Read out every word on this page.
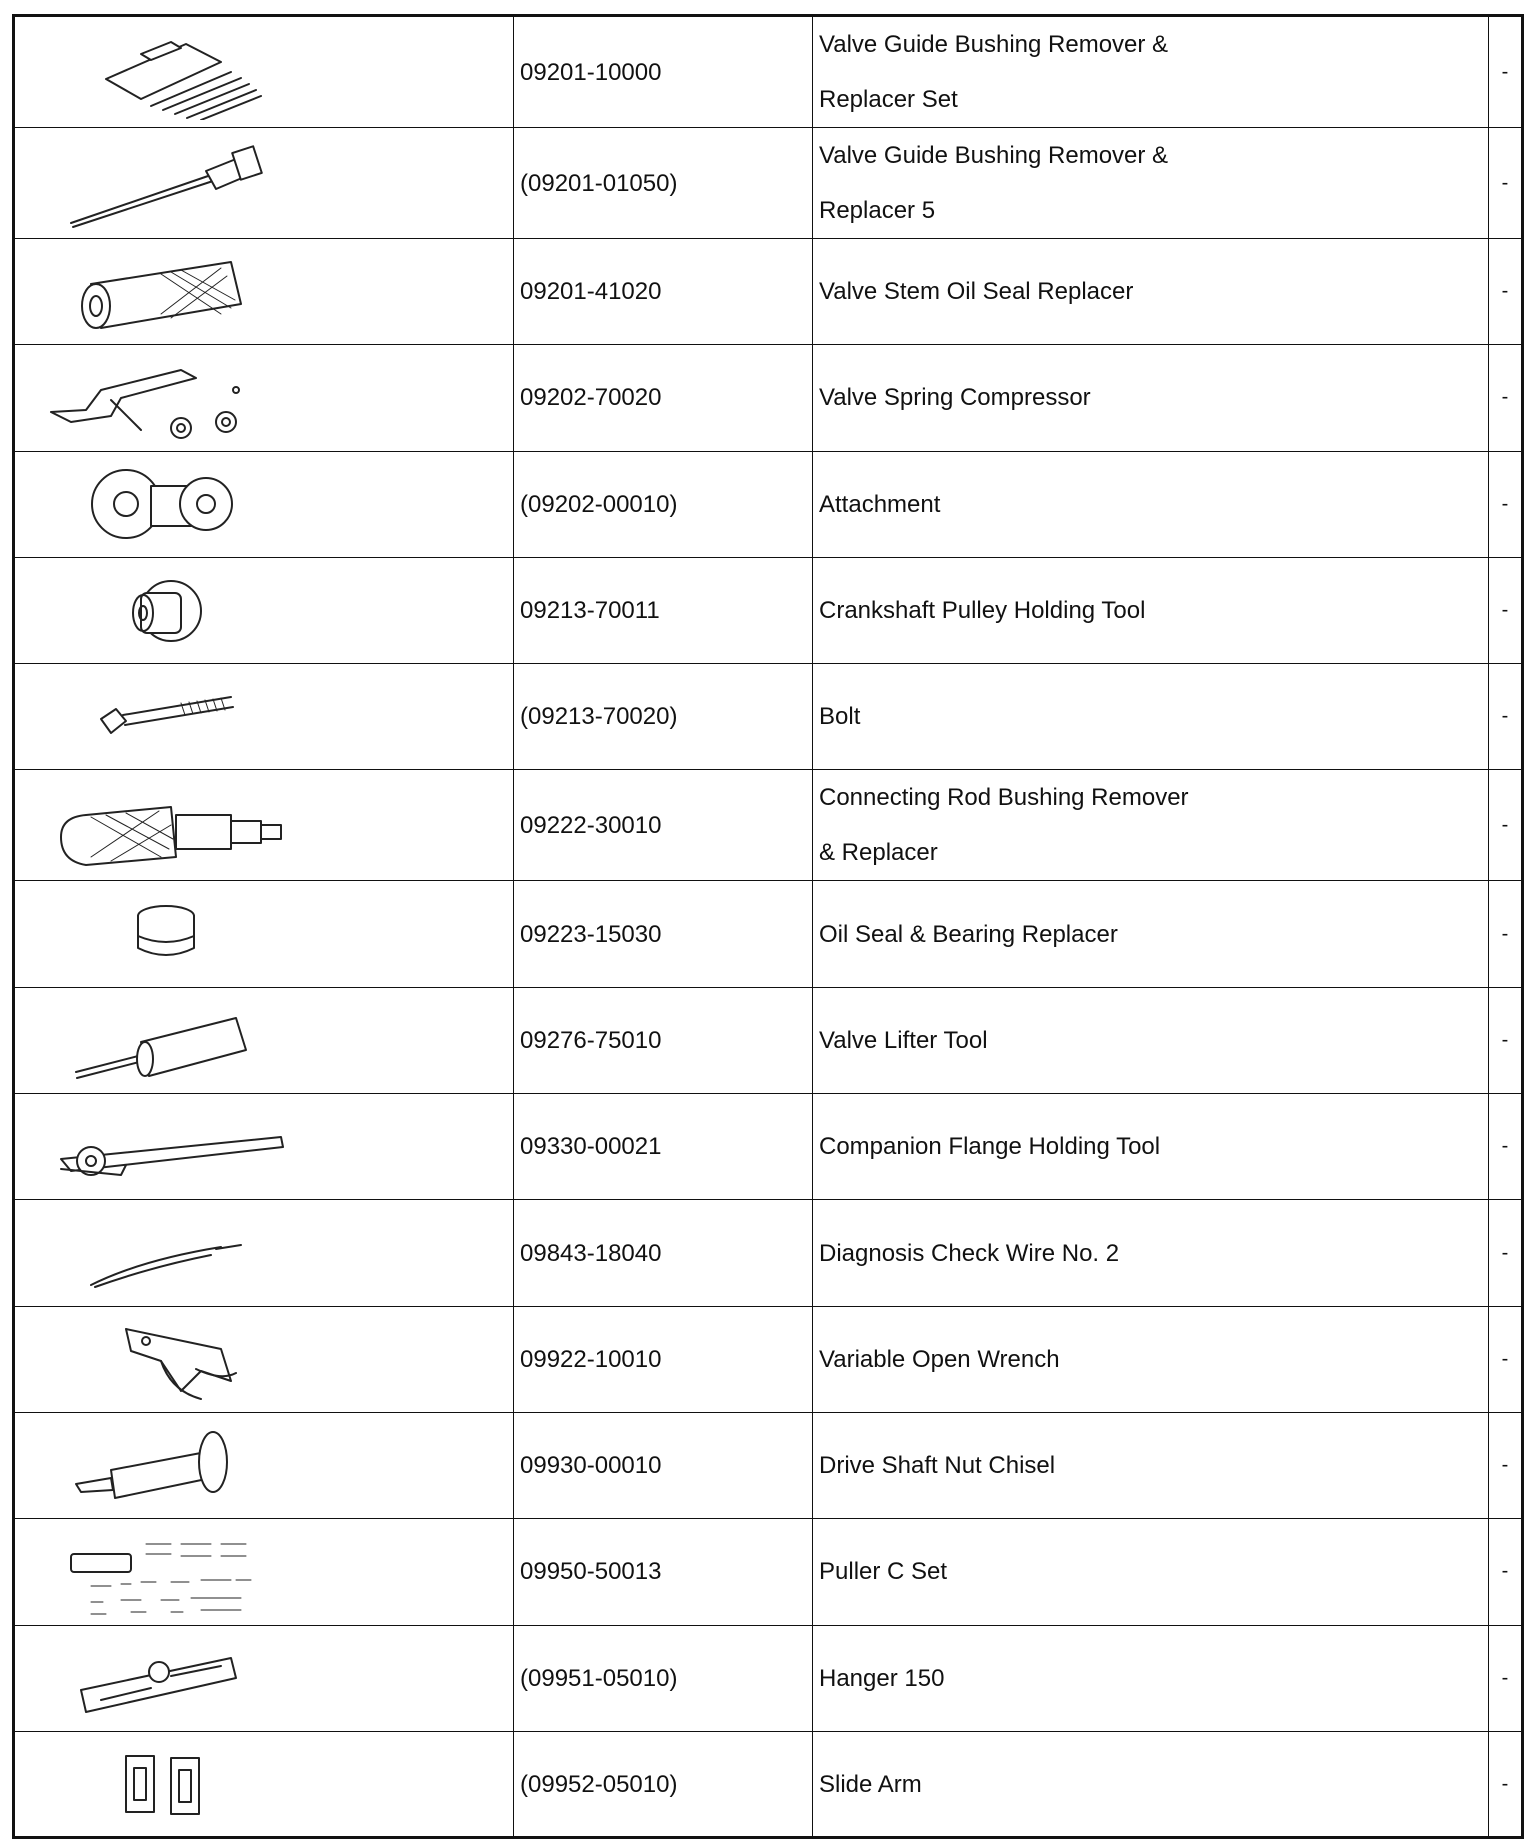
09201-10000	Valve Guide Bushing Remover &
Replacer Set	-

(09201-01050)	Valve Guide Bushing Remover &
Replacer 5	-

09201-41020	Valve Stem Oil Seal Replacer	-

09202-70020	Valve Spring Compressor	-

(09202-00010)	Attachment	-

09213-70011	Crankshaft Pulley Holding Tool	-

(09213-70020)	Bolt	-

09222-30010	Connecting Rod Bushing Remover
& Replacer	-

09223-15030	Oil Seal & Bearing Replacer	-

09276-75010	Valve Lifter Tool	-

09330-00021	Companion Flange Holding Tool	-

09843-18040	Diagnosis Check Wire No. 2	-

09922-10010	Variable Open Wrench	-

09930-00010	Drive Shaft Nut Chisel	-

09950-50013	Puller C Set	-

(09951-05010)	Hanger 150	-

(09952-05010)	Slide Arm	-
